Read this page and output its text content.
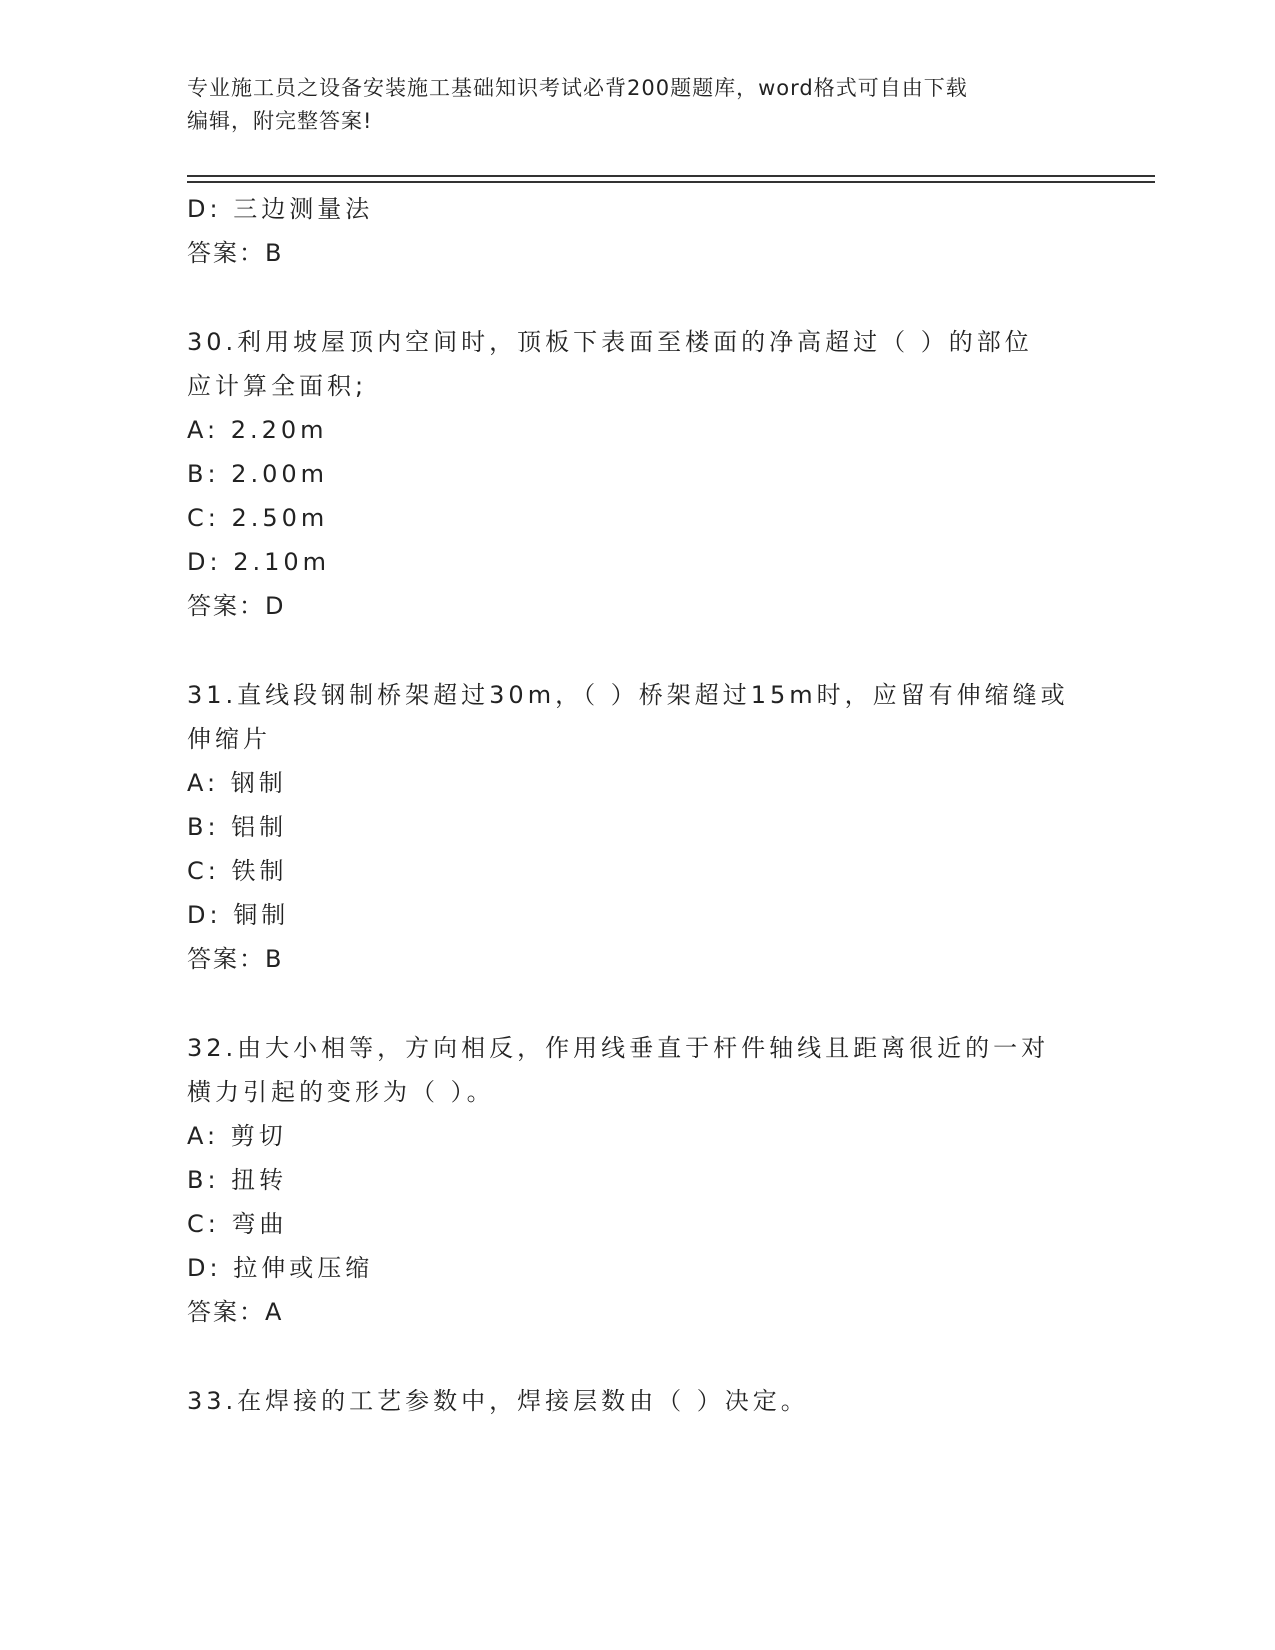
专业施工员之设备安装施工基础知识考试必背200题题库，word格式可自由下载
编辑，附完整答案!
D: 三边测量法
答案：B
30.利用坡屋顶内空间时，顶板下表面至楼面的净高超过（ ）的部位
应计算全面积;
A: 2.20m
B: 2.00m
C: 2.50m
D: 2.10m
答案：D
31.直线段钢制桥架超过30m，（ ）桥架超过15m时，应留有伸缩缝或
伸缩片
A: 钢制
B: 铝制
C: 铁制
D: 铜制
答案：B
32.由大小相等，方向相反，作用线垂直于杆件轴线且距离很近的一对
横力引起的变形为（ ）。
A: 剪切
B: 扭转
C: 弯曲
D: 拉伸或压缩
答案：A
33.在焊接的工艺参数中，焊接层数由（ ）决定。
